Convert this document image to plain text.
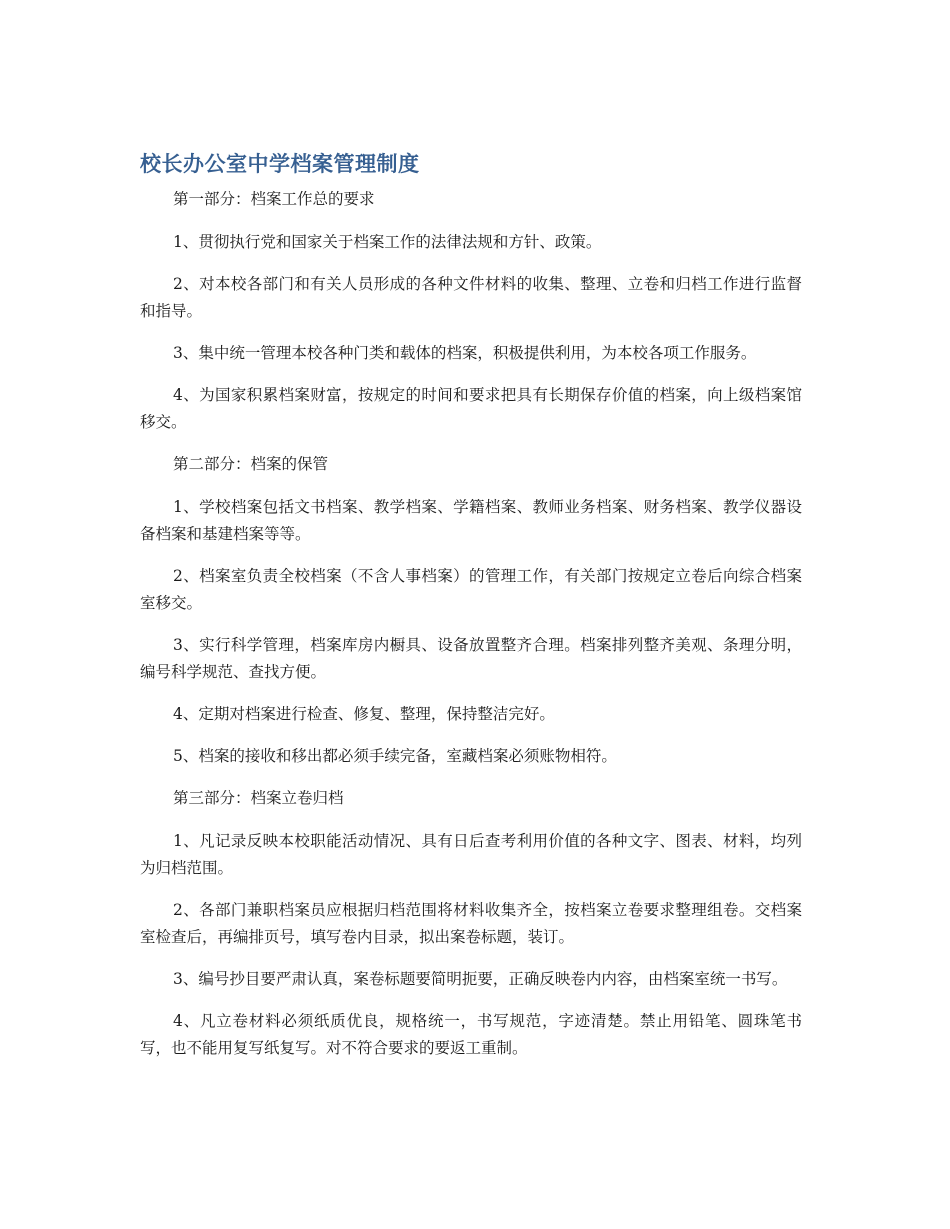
校长办公室中学档案管理制度

第一部分：档案工作总的要求

1、贯彻执行党和国家关于档案工作的法律法规和方针、政策。

2、对本校各部门和有关人员形成的各种文件材料的收集、整理、立卷和归档工作进行监督和指导。

3、集中统一管理本校各种门类和载体的档案，积极提供利用，为本校各项工作服务。

4、为国家积累档案财富，按规定的时间和要求把具有长期保存价值的档案，向上级档案馆移交。

第二部分：档案的保管

1、学校档案包括文书档案、教学档案、学籍档案、教师业务档案、财务档案、教学仪器设备档案和基建档案等等。

2、档案室负责全校档案（不含人事档案）的管理工作，有关部门按规定立卷后向综合档案室移交。

3、实行科学管理，档案库房内橱具、设备放置整齐合理。档案排列整齐美观、条理分明，编号科学规范、查找方便。

4、定期对档案进行检查、修复、整理，保持整洁完好。

5、档案的接收和移出都必须手续完备，室藏档案必须账物相符。

第三部分：档案立卷归档

1、凡记录反映本校职能活动情况、具有日后查考利用价值的各种文字、图表、材料，均列为归档范围。

2、各部门兼职档案员应根据归档范围将材料收集齐全，按档案立卷要求整理组卷。交档案室检查后，再编排页号，填写卷内目录，拟出案卷标题，装订。

3、编号抄目要严肃认真，案卷标题要简明扼要，正确反映卷内内容，由档案室统一书写。

4、凡立卷材料必须纸质优良，规格统一，书写规范，字迹清楚。禁止用铅笔、圆珠笔书写，也不能用复写纸复写。对不符合要求的要返工重制。
